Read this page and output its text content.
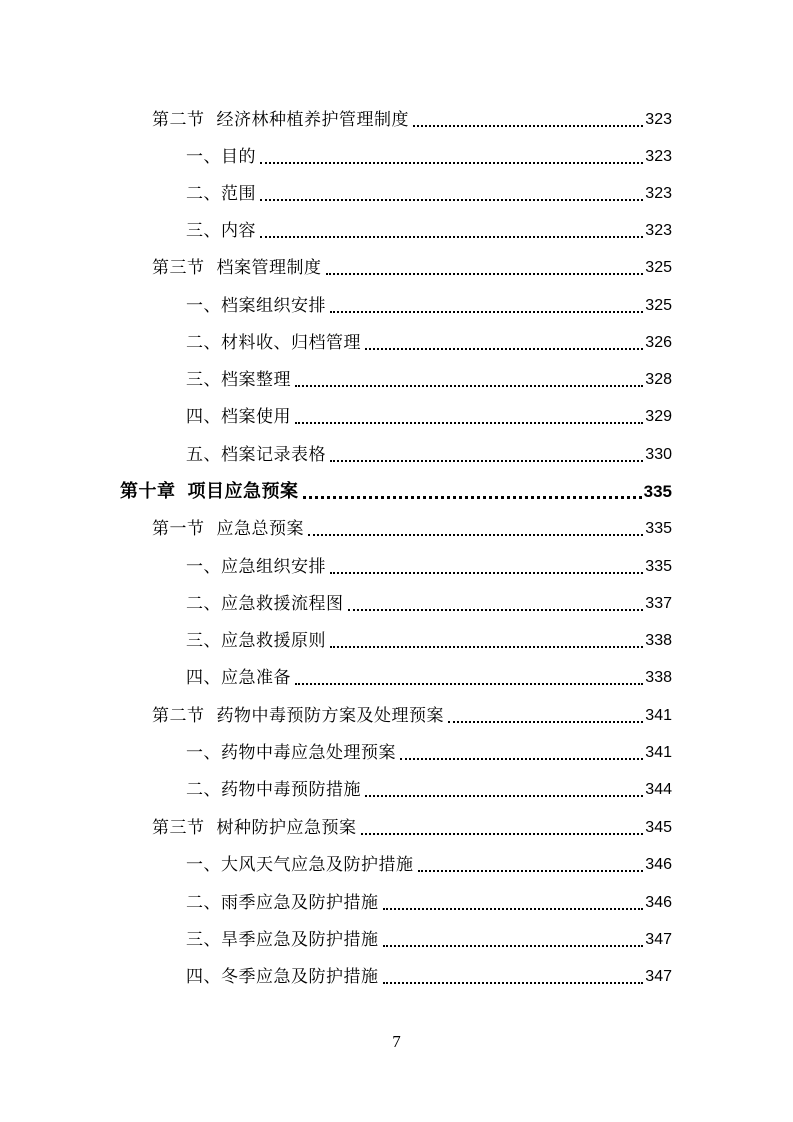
第二节 经济林种植养护管理制度	323
一、目的	323
二、范围	323
三、内容	323
第三节 档案管理制度	325
一、档案组织安排	325
二、材料收、归档管理	326
三、档案整理	328
四、档案使用	329
五、档案记录表格	330
第十章 项目应急预案	335
第一节 应急总预案	335
一、应急组织安排	335
二、应急救援流程图	337
三、应急救援原则	338
四、应急准备	338
第二节 药物中毒预防方案及处理预案	341
一、药物中毒应急处理预案	341
二、药物中毒预防措施	344
第三节 树种防护应急预案	345
一、大风天气应急及防护措施	346
二、雨季应急及防护措施	346
三、旱季应急及防护措施	347
四、冬季应急及防护措施	347
7
